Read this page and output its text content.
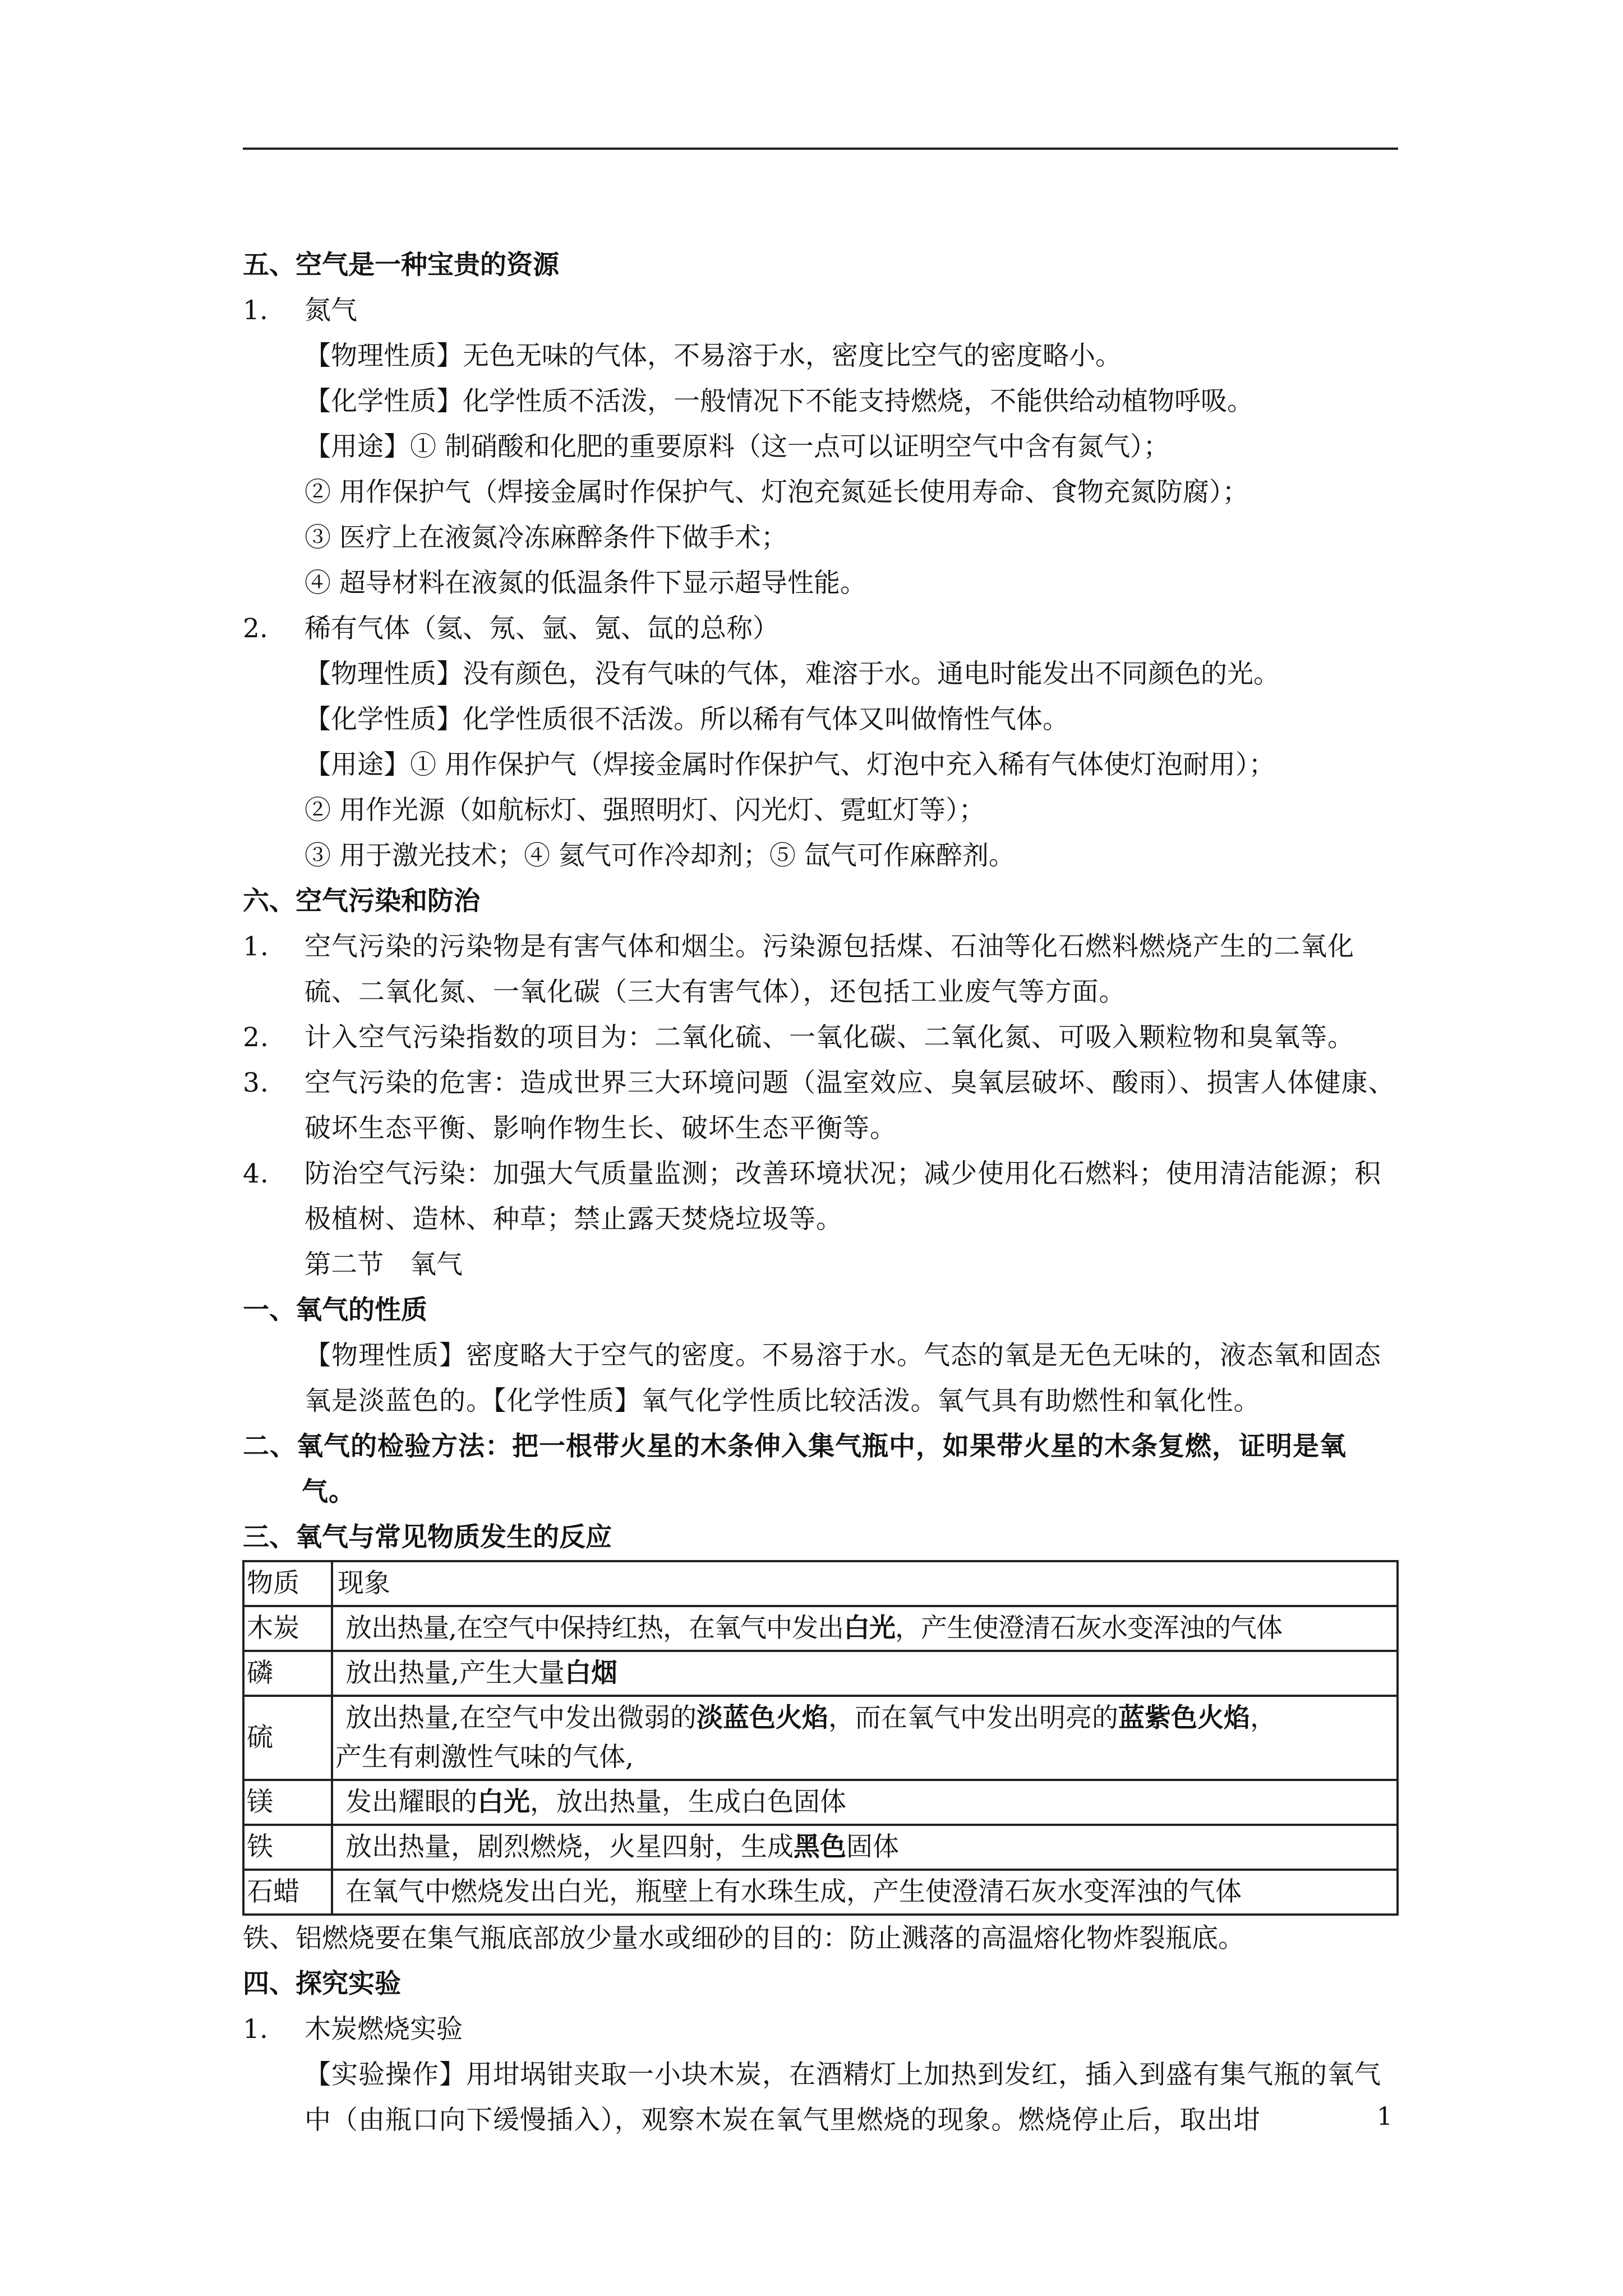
五、空气是一种宝贵的资源
1. 氮气
【物理性质】无色无味的气体，不易溶于水，密度比空气的密度略小。
【化学性质】化学性质不活泼，一般情况下不能支持燃烧，不能供给动植物呼吸。
【用途】① 制硝酸和化肥的重要原料（这一点可以证明空气中含有氮气）；
② 用作保护气（焊接金属时作保护气、灯泡充氮延长使用寿命、食物充氮防腐）；
③ 医疗上在液氮冷冻麻醉条件下做手术；
④ 超导材料在液氮的低温条件下显示超导性能。
2. 稀有气体（氦、氖、氩、氪、氙的总称）
【物理性质】没有颜色，没有气味的气体，难溶于水。通电时能发出不同颜色的光。
【化学性质】化学性质很不活泼。所以稀有气体又叫做惰性气体。
【用途】① 用作保护气（焊接金属时作保护气、灯泡中充入稀有气体使灯泡耐用）；
② 用作光源（如航标灯、强照明灯、闪光灯、霓虹灯等）；
③ 用于激光技术；④ 氦气可作冷却剂；⑤ 氙气可作麻醉剂。
六、空气污染和防治
1. 空气污染的污染物是有害气体和烟尘。污染源包括煤、石油等化石燃料燃烧产生的二氧化硫、二氧化氮、一氧化碳（三大有害气体），还包括工业废气等方面。
2. 计入空气污染指数的项目为：二氧化硫、一氧化碳、二氧化氮、可吸入颗粒物和臭氧等。
3. 空气污染的危害：造成世界三大环境问题（温室效应、臭氧层破坏、酸雨）、损害人体健康、破坏生态平衡、影响作物生长、破坏生态平衡等。
4. 防治空气污染：加强大气质量监测；改善环境状况；减少使用化石燃料；使用清洁能源；积极植树、造林、种草；禁止露天焚烧垃圾等。
第二节　氧气
一、氧气的性质
【物理性质】密度略大于空气的密度。不易溶于水。气态的氧是无色无味的，液态氧和固态氧是淡蓝色的。【化学性质】氧气化学性质比较活泼。氧气具有助燃性和氧化性。
二、氧气的检验方法：把一根带火星的木条伸入集气瓶中，如果带火星的木条复燃，证明是氧气。
三、氧气与常见物质发生的反应
物质	现象
木炭	放出热量,在空气中保持红热，在氧气中发出白光，产生使澄清石灰水变浑浊的气体
磷	放出热量,产生大量白烟
硫	放出热量,在空气中发出微弱的淡蓝色火焰，而在氧气中发出明亮的蓝紫色火焰，
产生有刺激性气味的气体,

镁	发出耀眼的白光，放出热量，生成白色固体
铁	放出热量，剧烈燃烧，火星四射，生成黑色固体
石蜡	在氧气中燃烧发出白光，瓶壁上有水珠生成，产生使澄清石灰水变浑浊的气体
铁、铝燃烧要在集气瓶底部放少量水或细砂的目的：防止溅落的高温熔化物炸裂瓶底。
四、探究实验
1. 木炭燃烧实验
【实验操作】用坩埚钳夹取一小块木炭，在酒精灯上加热到发红，插入到盛有集气瓶的氧气中（由瓶口向下缓慢插入），观察木炭在氧气里燃烧的现象。燃烧停止后，取出坩	1
